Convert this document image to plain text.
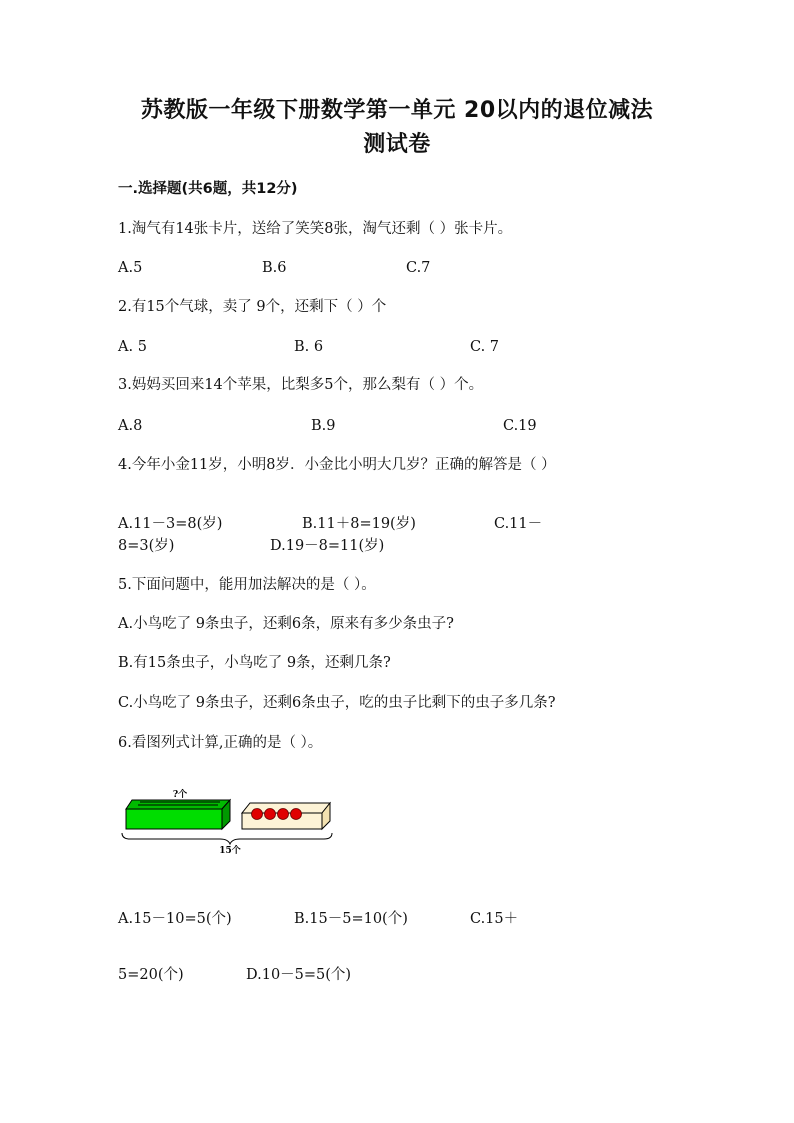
苏教版一年级下册数学第一单元 20以内的退位减法
测试卷
一.选择题(共6题，共12分)
1.淘气有14张卡片，送给了笑笑8张，淘气还剩（ ）张卡片。
A.5	B.6	C.7
2.有15个气球，卖了 9个，还剩下（ ）个
A. 5	B. 6	C. 7
3.妈妈买回来14个苹果，比梨多5个，那么梨有（ ）个。
A.8	B.9	C.19
4.今年小金11岁，小明8岁．小金比小明大几岁？正确的解答是（ ）
A.11－3=8(岁)	B.11＋8=19(岁)	C.11－
8=3(岁)	D.19－8=11(岁)
5.下面问题中，能用加法解决的是（ ）。
A.小鸟吃了 9条虫子，还剩6条，原来有多少条虫子?
B.有15条虫子，小鸟吃了 9条，还剩几条?
C.小鸟吃了 9条虫子，还剩6条虫子，吃的虫子比剩下的虫子多几条?
6.看图列式计算,正确的是（ ）。
?个
15个
A.15－10=5(个)	B.15－5=10(个)	C.15＋
5=20(个)	D.10－5=5(个)
